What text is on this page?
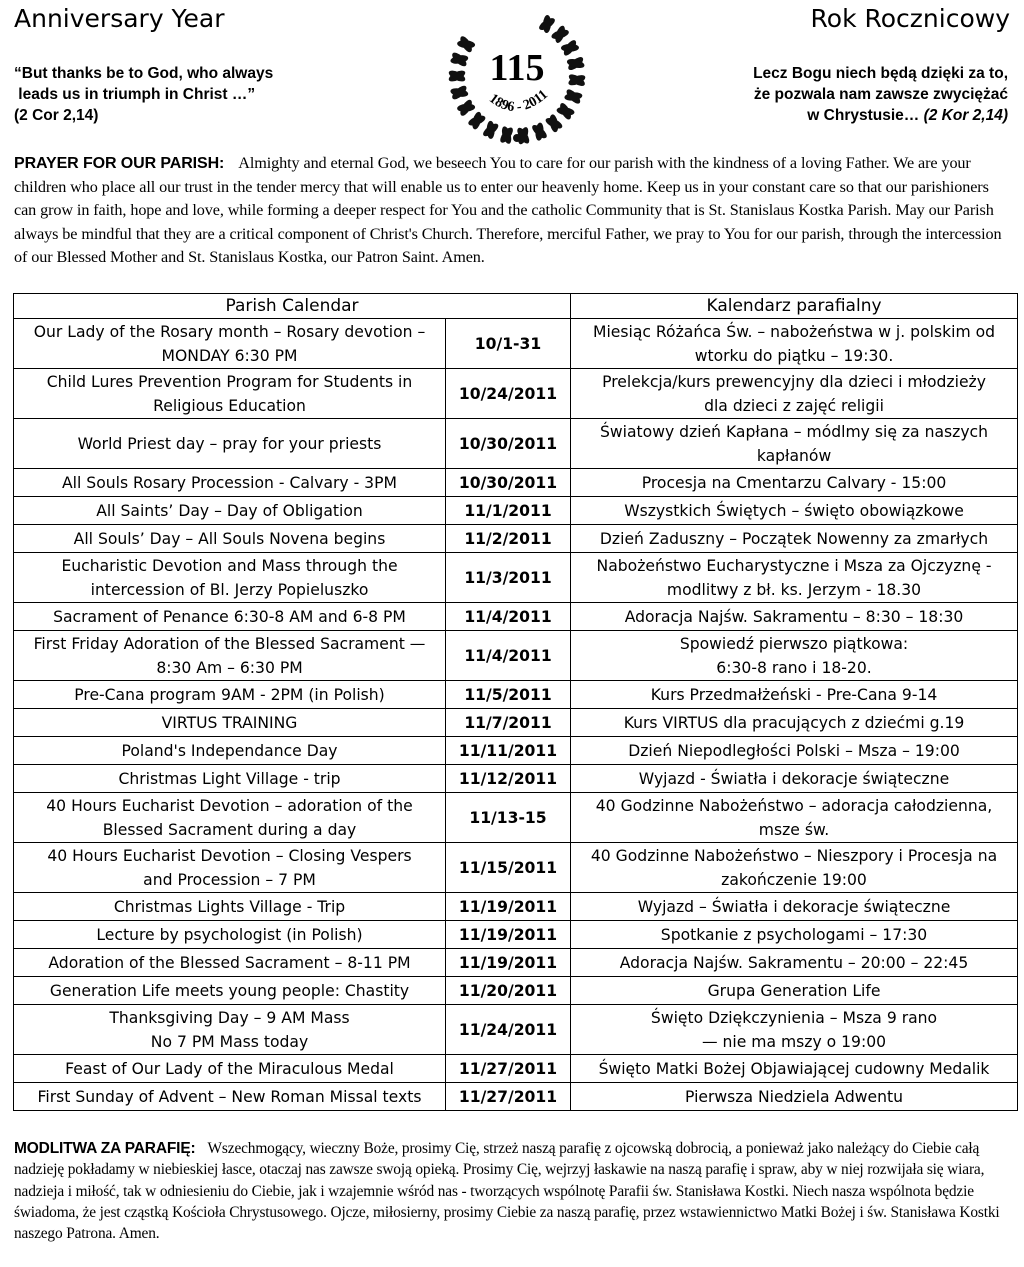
Anniversary Year	Rok Rocznicowy
“But thanks be to God, who always
leads us in triumph in Christ …”
(2 Cor 2,14)
Lecz Bogu niech będą dzięki za to,
że pozwala nam zawsze zwyciężać
w Chrystusie… (2 Kor 2,14)
115
1896 - 2011
PRAYER FOR OUR PARISH: Almighty and eternal God, we beseech You to care for our parish with the kindness of a loving Father. We are your children who place all our trust in the tender mercy that will enable us to enter our heavenly home. Keep us in your constant care so that our parishioners can grow in faith, hope and love, while forming a deeper respect for You and the catholic Community that is St. Stanislaus Kostka Parish. May our Parish always be mindful that they are a critical component of Christ's Church. Therefore, merciful Father, we pray to You for our parish, through the intercession of our Blessed Mother and St. Stanislaus Kostka, our Patron Saint. Amen.
Parish Calendar		Kalendarz parafialny
Our Lady of the Rosary month – Rosary devotion –
MONDAY 6:30 PM	10/1-31	Miesiąc Różańca Św. – nabożeństwa w j. polskim od
wtorku do piątku – 19:30.
Child Lures Prevention Program for Students in
Religious Education	10/24/2011	Prelekcja/kurs prewencyjny dla dzieci i młodzieży
dla dzieci z zajęć religii
World Priest day – pray for your priests	10/30/2011	Światowy dzień Kapłana – módlmy się za naszych
kapłanów
All Souls Rosary Procession - Calvary - 3PM	10/30/2011	Procesja na Cmentarzu Calvary - 15:00
All Saints’ Day – Day of Obligation	11/1/2011	Wszystkich Świętych – święto obowiązkowe
All Souls’ Day – All Souls Novena begins	11/2/2011	Dzień Zaduszny – Początek Nowenny za zmarłych
Eucharistic Devotion and Mass through the
intercession of Bl. Jerzy Popieluszko	11/3/2011	Nabożeństwo Eucharystyczne i Msza za Ojczyznę -
modlitwy z bł. ks. Jerzym - 18.30
Sacrament of Penance 6:30-8 AM and 6-8 PM	11/4/2011	Adoracja Najśw. Sakramentu – 8:30 – 18:30
First Friday Adoration of the Blessed Sacrament —
8:30 Am – 6:30 PM	11/4/2011	Spowiedź pierwszo piątkowa:
6:30-8 rano i 18-20.
Pre-Cana program 9AM - 2PM (in Polish)	11/5/2011	Kurs Przedmałżeński - Pre-Cana 9-14
VIRTUS TRAINING	11/7/2011	Kurs VIRTUS dla pracujących z dziećmi g.19
Poland's Independance Day	11/11/2011	Dzień Niepodległości Polski – Msza – 19:00
Christmas Light Village - trip	11/12/2011	Wyjazd - Światła i dekoracje świąteczne
40 Hours Eucharist Devotion – adoration of the
Blessed Sacrament during a day	11/13-15	40 Godzinne Nabożeństwo – adoracja całodzienna,
msze św.
40 Hours Eucharist Devotion – Closing Vespers
and Procession – 7 PM	11/15/2011	40 Godzinne Nabożeństwo – Nieszpory i Procesja na
zakończenie 19:00
Christmas Lights Village - Trip	11/19/2011	Wyjazd – Światła i dekoracje świąteczne
Lecture by psychologist (in Polish)	11/19/2011	Spotkanie z psychologami – 17:30
Adoration of the Blessed Sacrament – 8-11 PM	11/19/2011	Adoracja Najśw. Sakramentu – 20:00 – 22:45
Generation Life meets young people: Chastity	11/20/2011	Grupa Generation Life
Thanksgiving Day – 9 AM Mass
No 7 PM Mass today	11/24/2011	Święto Dziękczynienia – Msza 9 rano
— nie ma mszy o 19:00
Feast of Our Lady of the Miraculous Medal	11/27/2011	Święto Matki Bożej Objawiającej cudowny Medalik
First Sunday of Advent – New Roman Missal texts	11/27/2011	Pierwsza Niedziela Adwentu
MODLITWA ZA PARAFIĘ: Wszechmogący, wieczny Boże, prosimy Cię, strzeż naszą parafię z ojcowską dobrocią, a ponieważ jako należący do Ciebie całą nadzieję pokładamy w niebieskiej łasce, otaczaj nas zawsze swoją opieką. Prosimy Cię, wejrzyj łaskawie na naszą parafię i spraw, aby w niej rozwijała się wiara, nadzieja i miłość, tak w odniesieniu do Ciebie, jak i wzajemnie wśród nas - tworzących wspólnotę Parafii św. Stanisława Kostki. Niech nasza wspólnota będzie świadoma, że jest cząstką Kościoła Chrystusowego. Ojcze, miłosierny, prosimy Ciebie za naszą parafię, przez wstawiennictwo Matki Bożej i św. Stanisława Kostki naszego Patrona. Amen.
